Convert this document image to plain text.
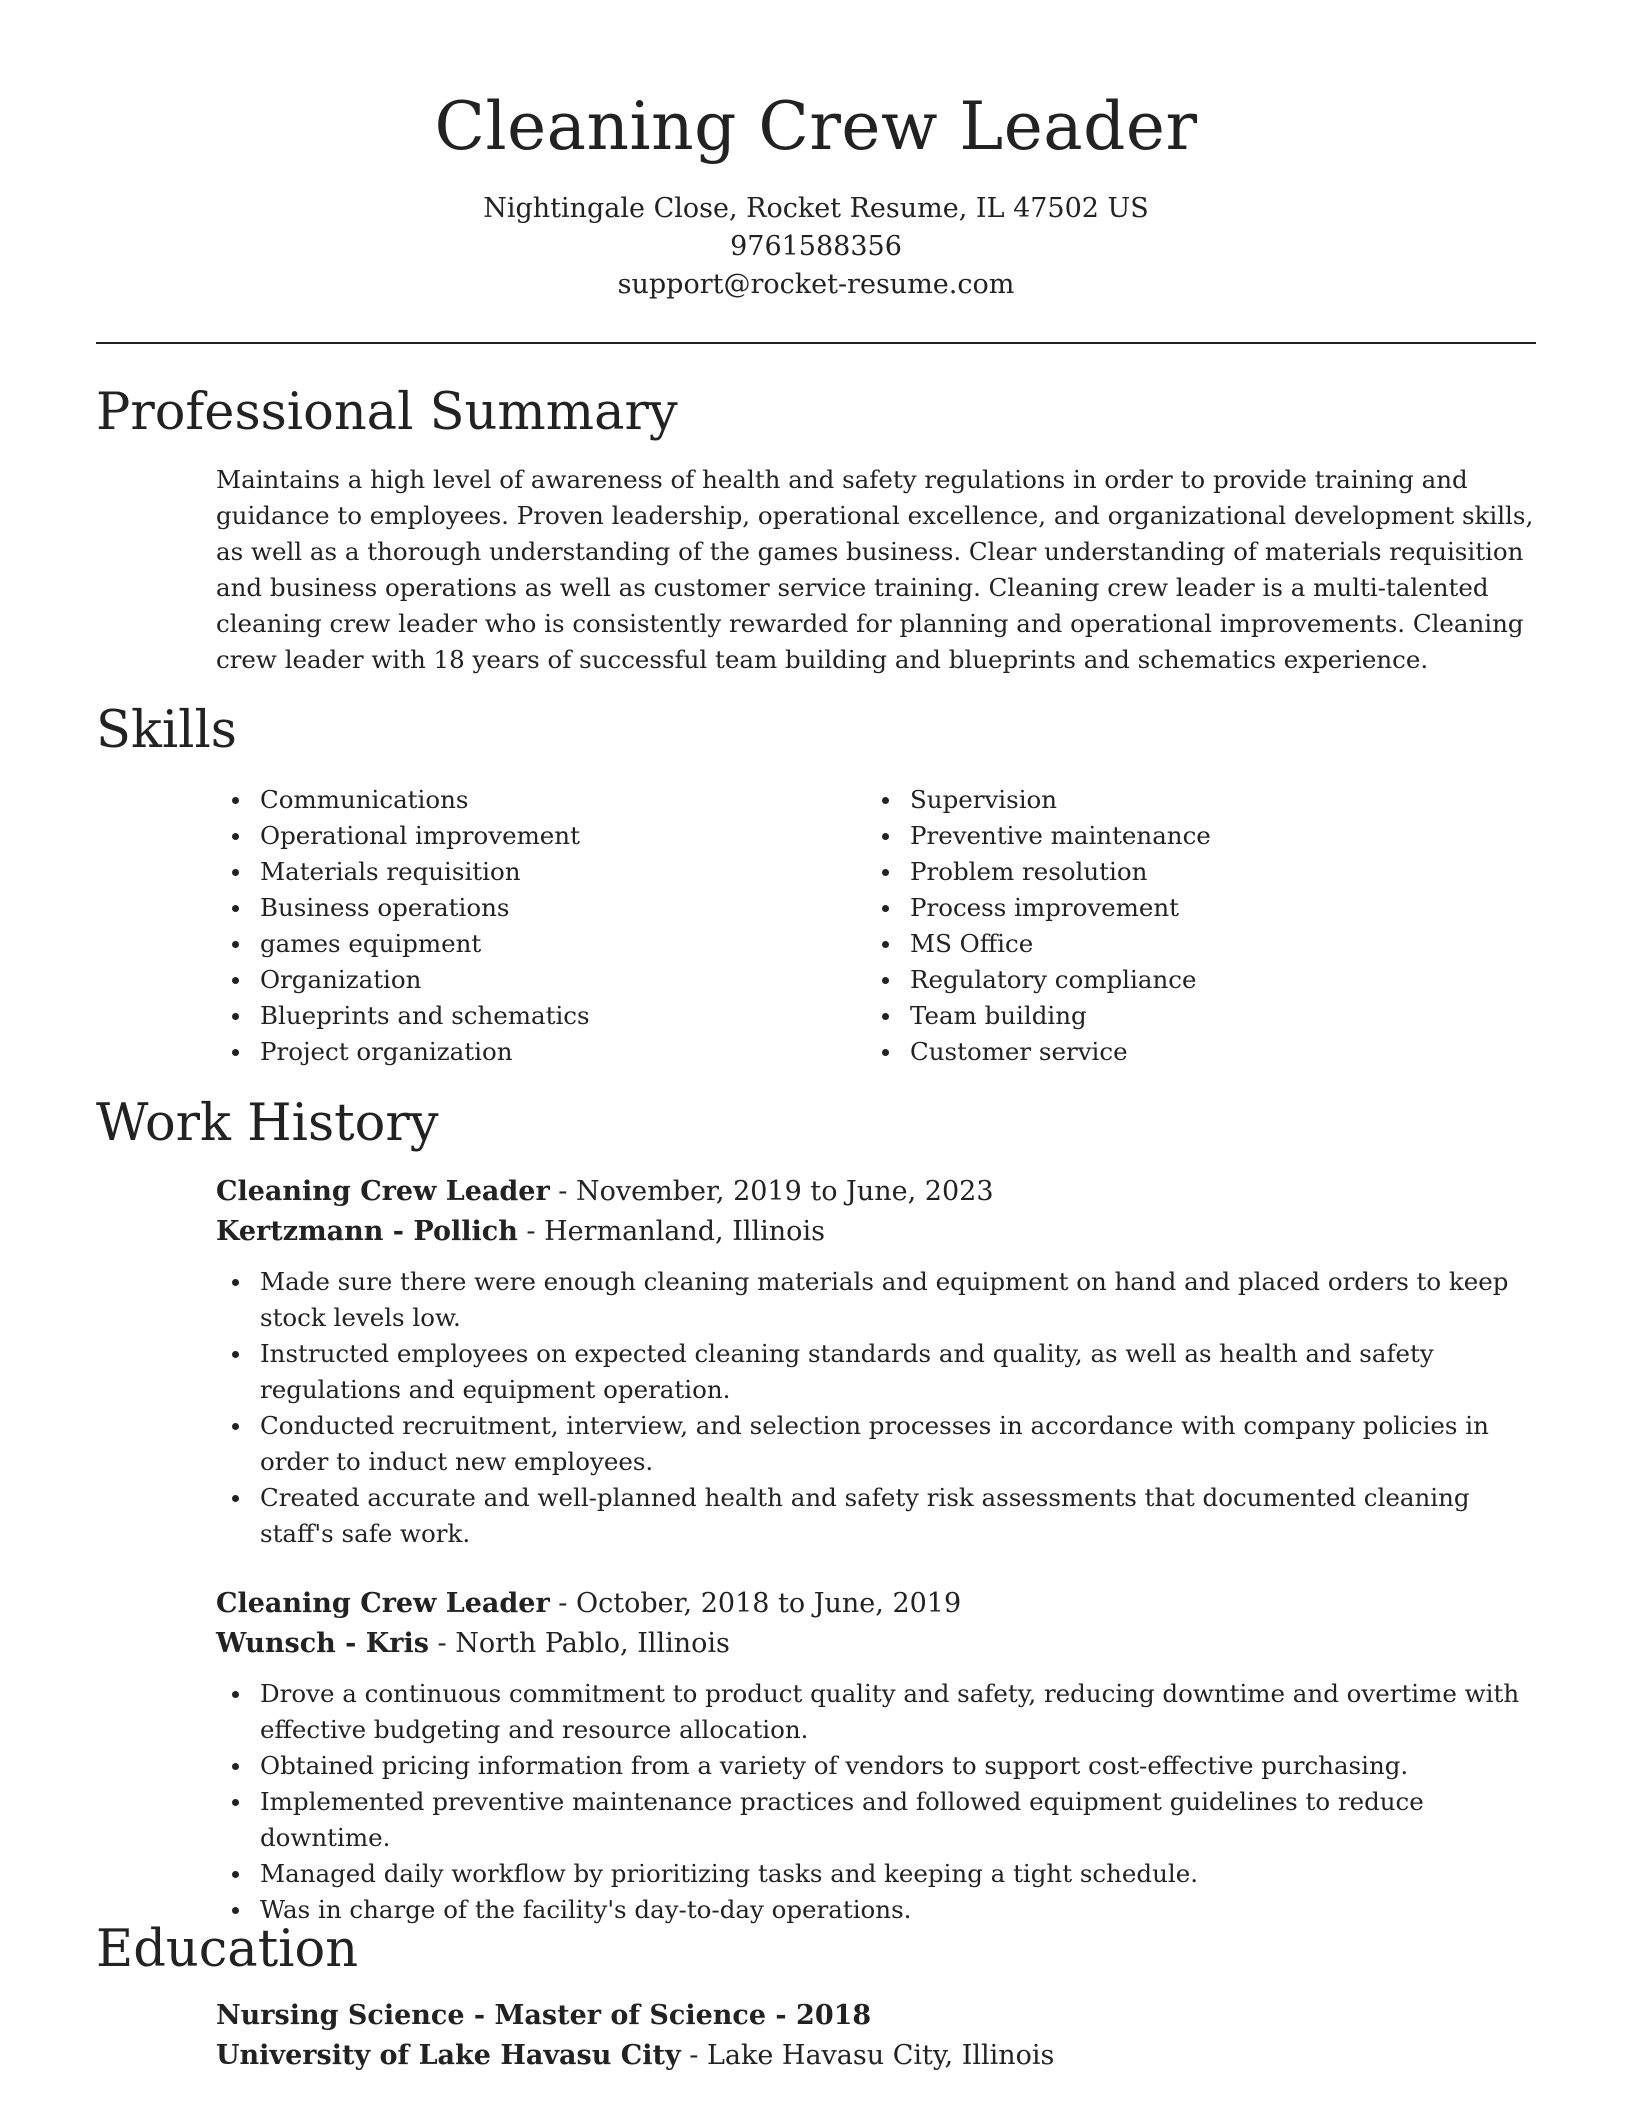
Cleaning Crew Leader
Nightingale Close, Rocket Resume, IL 47502 US
9761588356
support@rocket-resume.com
Professional Summary
Maintains a high level of awareness of health and safety regulations in order to provide training and guidance to employees. Proven leadership, operational excellence, and organizational development skills, as well as a thorough understanding of the games business. Clear understanding of materials requisition and business operations as well as customer service training. Cleaning crew leader is a multi-talented cleaning crew leader who is consistently rewarded for planning and operational improvements. Cleaning crew leader with 18 years of successful team building and blueprints and schematics experience.
Skills
Communications
Operational improvement
Materials requisition
Business operations
games equipment
Organization
Blueprints and schematics
Project organization
Supervision
Preventive maintenance
Problem resolution
Process improvement
MS Office
Regulatory compliance
Team building
Customer service
Work History
Cleaning Crew Leader - November, 2019 to June, 2023
Kertzmann - Pollich - Hermanland, Illinois
Made sure there were enough cleaning materials and equipment on hand and placed orders to keep stock levels low.
Instructed employees on expected cleaning standards and quality, as well as health and safety regulations and equipment operation.
Conducted recruitment, interview, and selection processes in accordance with company policies in order to induct new employees.
Created accurate and well-planned health and safety risk assessments that documented cleaning staff's safe work.
Cleaning Crew Leader - October, 2018 to June, 2019
Wunsch - Kris - North Pablo, Illinois
Drove a continuous commitment to product quality and safety, reducing downtime and overtime with effective budgeting and resource allocation.
Obtained pricing information from a variety of vendors to support cost-effective purchasing.
Implemented preventive maintenance practices and followed equipment guidelines to reduce downtime.
Managed daily workflow by prioritizing tasks and keeping a tight schedule.
Was in charge of the facility's day-to-day operations.
Education
Nursing Science - Master of Science - 2018
University of Lake Havasu City - Lake Havasu City, Illinois
